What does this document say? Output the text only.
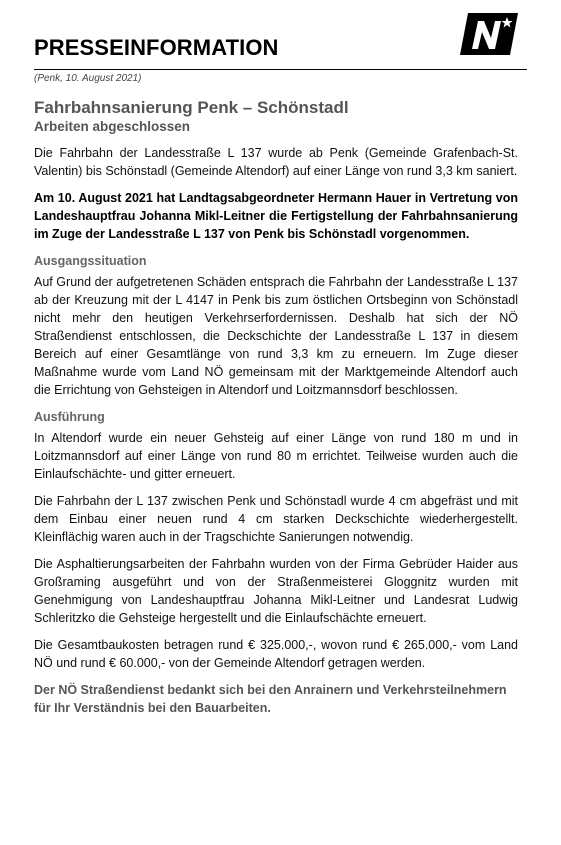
PRESSEINFORMATION
(Penk, 10. August 2021)
Fahrbahnsanierung Penk – Schönstadl
Arbeiten abgeschlossen

Die Fahrbahn der Landesstraße L 137 wurde ab Penk (Gemeinde Grafenbach-St. Valentin) bis Schönstadl (Gemeinde Altendorf) auf einer Länge von rund 3,3 km saniert.

Am 10. August 2021 hat Landtagsabgeordneter Hermann Hauer in Vertretung von Landeshauptfrau Johanna Mikl-Leitner die Fertigstellung der Fahrbahnsanierung im Zuge der Landesstraße L 137 von Penk bis Schönstadl vorgenommen.

Ausgangssituation

Auf Grund der aufgetretenen Schäden entsprach die Fahrbahn der Landesstraße L 137 ab der Kreuzung mit der L 4147 in Penk bis zum östlichen Ortsbeginn von Schönstadl nicht mehr den heutigen Verkehrserfordernissen. Deshalb hat sich der NÖ Straßendienst entschlossen, die Deckschichte der Landesstraße L 137 in diesem Bereich auf einer Gesamtlänge von rund 3,3 km zu erneuern. Im Zuge dieser Maßnahme wurde vom Land NÖ gemeinsam mit der Marktgemeinde Altendorf auch die Errichtung von Gehsteigen in Altendorf und Loitzmannsdorf beschlossen.

Ausführung

In Altendorf wurde ein neuer Gehsteig auf einer Länge von rund 180 m und in Loitzmannsdorf auf einer Länge von rund 80 m errichtet. Teilweise wurden auch die Einlaufschächte- und gitter erneuert.

Die Fahrbahn der L 137 zwischen Penk und Schönstadl wurde 4 cm abgefräst und mit dem Einbau einer neuen rund 4 cm starken Deckschichte wiederhergestellt. Kleinflächig waren auch in der Tragschichte Sanierungen notwendig.

Die Asphaltierungsarbeiten der Fahrbahn wurden von der Firma Gebrüder Haider aus Großraming ausgeführt und von der Straßenmeisterei Gloggnitz wurden mit Genehmigung von Landeshauptfrau Johanna Mikl-Leitner und Landesrat Ludwig Schleritzko die Gehsteige hergestellt und die Einlaufschächte erneuert.

Die Gesamtbaukosten betragen rund € 325.000,-, wovon rund € 265.000,- vom Land NÖ und rund € 60.000,- von der Gemeinde Altendorf getragen werden.

Der NÖ Straßendienst bedankt sich bei den Anrainern und Verkehrsteilnehmern für Ihr Verständnis bei den Bauarbeiten.
